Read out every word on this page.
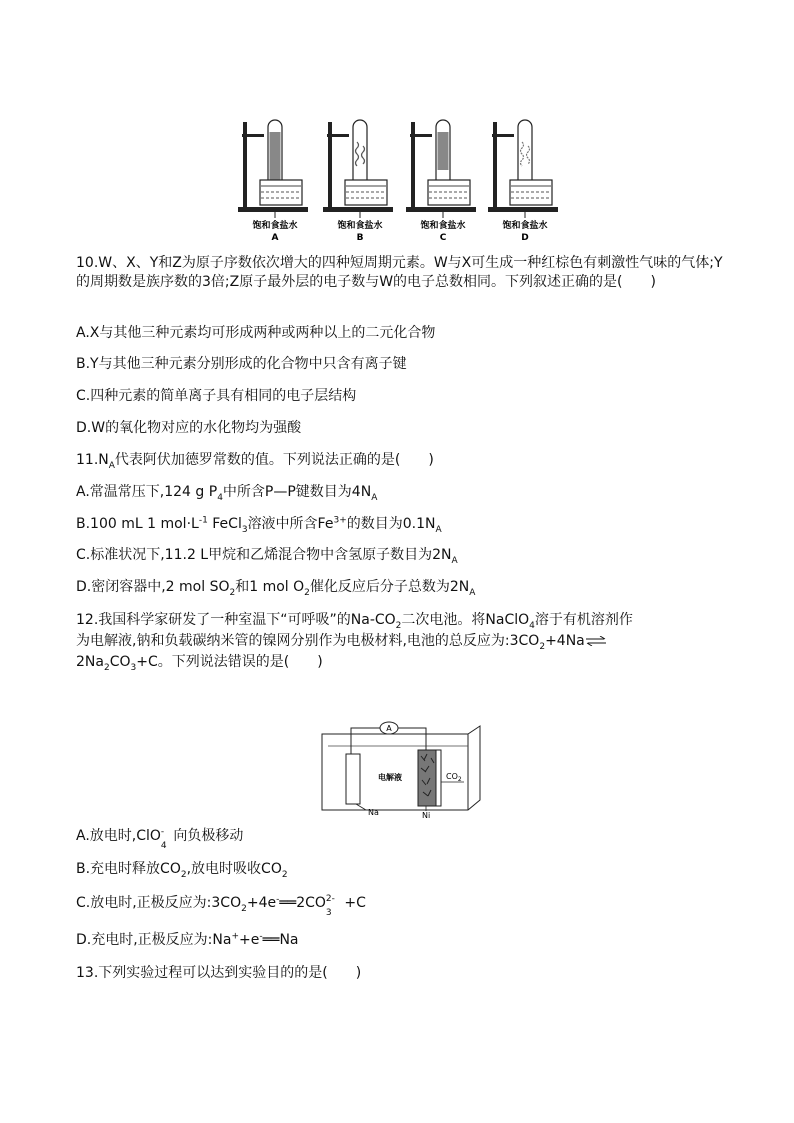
饱和食盐水
A
饱和食盐水
B
饱和食盐水
C
饱和食盐水
D
10.W、X、Y和Z为原子序数依次增大的四种短周期元素。W与X可生成一种红棕色有刺激性气味的气体;Y的周期数是族序数的3倍;Z原子最外层的电子数与W的电子总数相同。下列叙述正确的是( )
A.X与其他三种元素均可形成两种或两种以上的二元化合物
B.Y与其他三种元素分别形成的化合物中只含有离子键
C.四种元素的简单离子具有相同的电子层结构
D.W的氧化物对应的水化物均为强酸
$11.N_A$代表阿伏加德罗常数的值。下列说法正确的是( )
A.常温常压下,124 g $P_4$中所含P—P键数目为$4N_A$
B.100 mL 1 $mol\cdot L^{-1}$ FeCl$_3$溶液中所含$Fe^{3+}$的数目为$0.1N_A$
C.标准状况下,11.2 L甲烷和乙烯混合物中含氢原子数目为$2N_A$
D.密闭容器中,2 mol $SO_2$和1 mol $O_2$催化反应后分子总数为$2N_A$
12.我国科学家研发了一种室温下“可呼吸”的$Na-CO_2$二次电池。将NaClO$_4$溶于有机溶剂作
为电解液,钠和负载碳纳米管的镍网分别作为电极材料,电池的总反应为$:3CO_2+4Na\rightleftharpoons$
$2Na_2CO_3+C$。下列说法错误的是( )
A
Na	Ni
$CO_2$
电解液
A.放电时,ClO -
4
向负极移动
B.充电时释放$CO_2$,放电时吸收$CO_2$
C.放电时,正极反应为$:3CO_2+4e^-══2CO$ 2-
3
+C
D.充电时,正极反应为:Na++e-══Na
13.下列实验过程可以达到实验目的的是( )
